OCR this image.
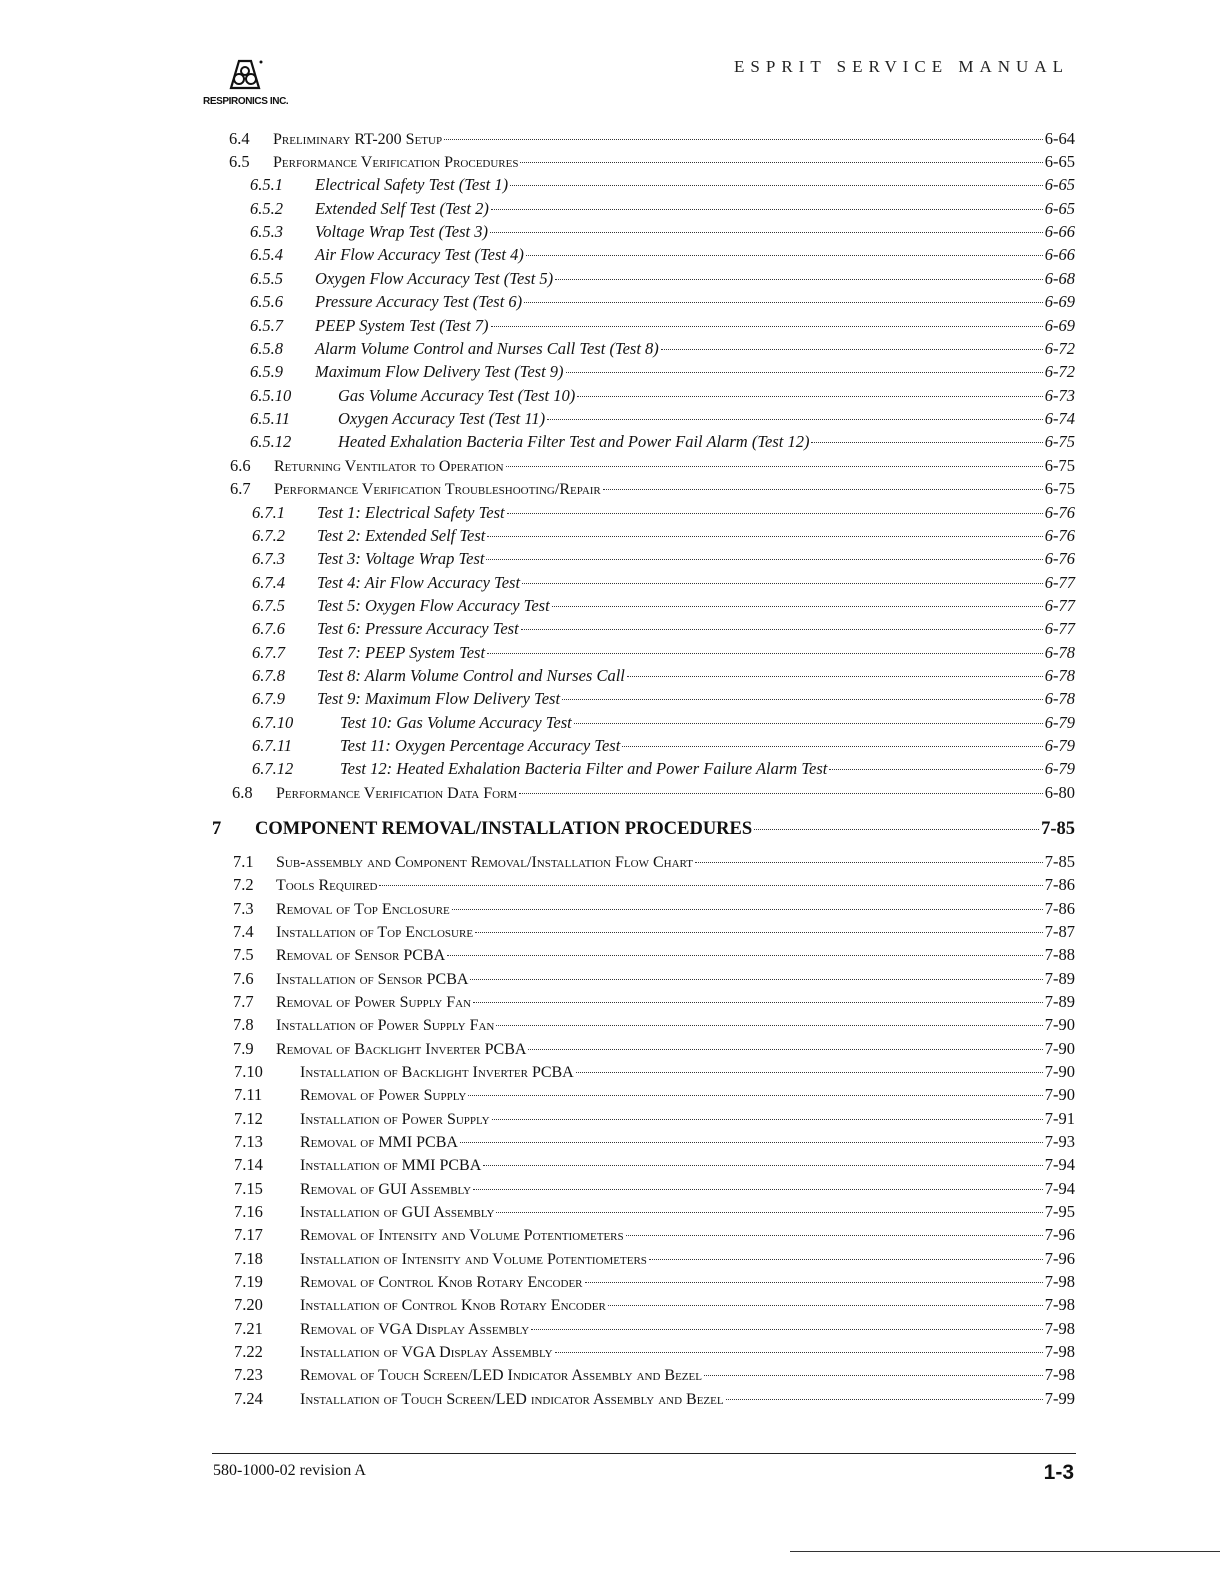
ESPRIT SERVICE MANUAL
RESPIRONICS INC.
6.4	Preliminary RT-200 Setup	6-64
6.5	Performance Verification Procedures	6-65
6.5.1	Electrical Safety Test (Test 1)	6-65
6.5.2	Extended Self Test (Test 2)	6-65
6.5.3	Voltage Wrap Test (Test 3)	6-66
6.5.4	Air Flow Accuracy Test (Test 4)	6-66
6.5.5	Oxygen Flow Accuracy Test (Test 5)	6-68
6.5.6	Pressure Accuracy Test (Test 6)	6-69
6.5.7	PEEP System Test (Test 7)	6-69
6.5.8	Alarm Volume Control and Nurses Call Test (Test 8)	6-72
6.5.9	Maximum Flow Delivery Test (Test 9)	6-72
6.5.10	Gas Volume Accuracy Test (Test 10)	6-73
6.5.11	Oxygen Accuracy Test (Test 11)	6-74
6.5.12	Heated Exhalation Bacteria Filter Test and Power Fail Alarm (Test 12)	6-75
6.6	Returning Ventilator to Operation	6-75
6.7	Performance Verification Troubleshooting/Repair	6-75
6.7.1	Test 1: Electrical Safety Test	6-76
6.7.2	Test 2: Extended Self Test	6-76
6.7.3	Test 3: Voltage Wrap Test	6-76
6.7.4	Test 4: Air Flow Accuracy Test	6-77
6.7.5	Test 5: Oxygen Flow Accuracy Test	6-77
6.7.6	Test 6: Pressure Accuracy Test	6-77
6.7.7	Test 7: PEEP System Test	6-78
6.7.8	Test 8: Alarm Volume Control and Nurses Call	6-78
6.7.9	Test 9: Maximum Flow Delivery Test	6-78
6.7.10	Test 10: Gas Volume Accuracy Test	6-79
6.7.11	Test 11: Oxygen Percentage Accuracy Test	6-79
6.7.12	Test 12: Heated Exhalation Bacteria Filter and Power Failure Alarm Test	6-79
6.8	Performance Verification Data Form	6-80
7	COMPONENT REMOVAL/INSTALLATION PROCEDURES	7-85
7.1	Sub-assembly and Component Removal/Installation Flow Chart	7-85
7.2	Tools Required	7-86
7.3	Removal of Top Enclosure	7-86
7.4	Installation of Top Enclosure	7-87
7.5	Removal of Sensor PCBA	7-88
7.6	Installation of Sensor PCBA	7-89
7.7	Removal of Power Supply Fan	7-89
7.8	Installation of Power Supply Fan	7-90
7.9	Removal of Backlight Inverter PCBA	7-90
7.10	Installation of Backlight Inverter PCBA	7-90
7.11	Removal of Power Supply	7-90
7.12	Installation of Power Supply	7-91
7.13	Removal of MMI PCBA	7-93
7.14	Installation of MMI PCBA	7-94
7.15	Removal of GUI Assembly	7-94
7.16	Installation of GUI Assembly	7-95
7.17	Removal of Intensity and Volume Potentiometers	7-96
7.18	Installation of Intensity and Volume Potentiometers	7-96
7.19	Removal of Control Knob Rotary Encoder	7-98
7.20	Installation of Control Knob Rotary Encoder	7-98
7.21	Removal of VGA Display Assembly	7-98
7.22	Installation of VGA Display Assembly	7-98
7.23	Removal of Touch Screen/LED Indicator Assembly and Bezel	7-98
7.24	Installation of Touch Screen/LED indicator Assembly and Bezel	7-99
580-1000-02 revision A	1-3
